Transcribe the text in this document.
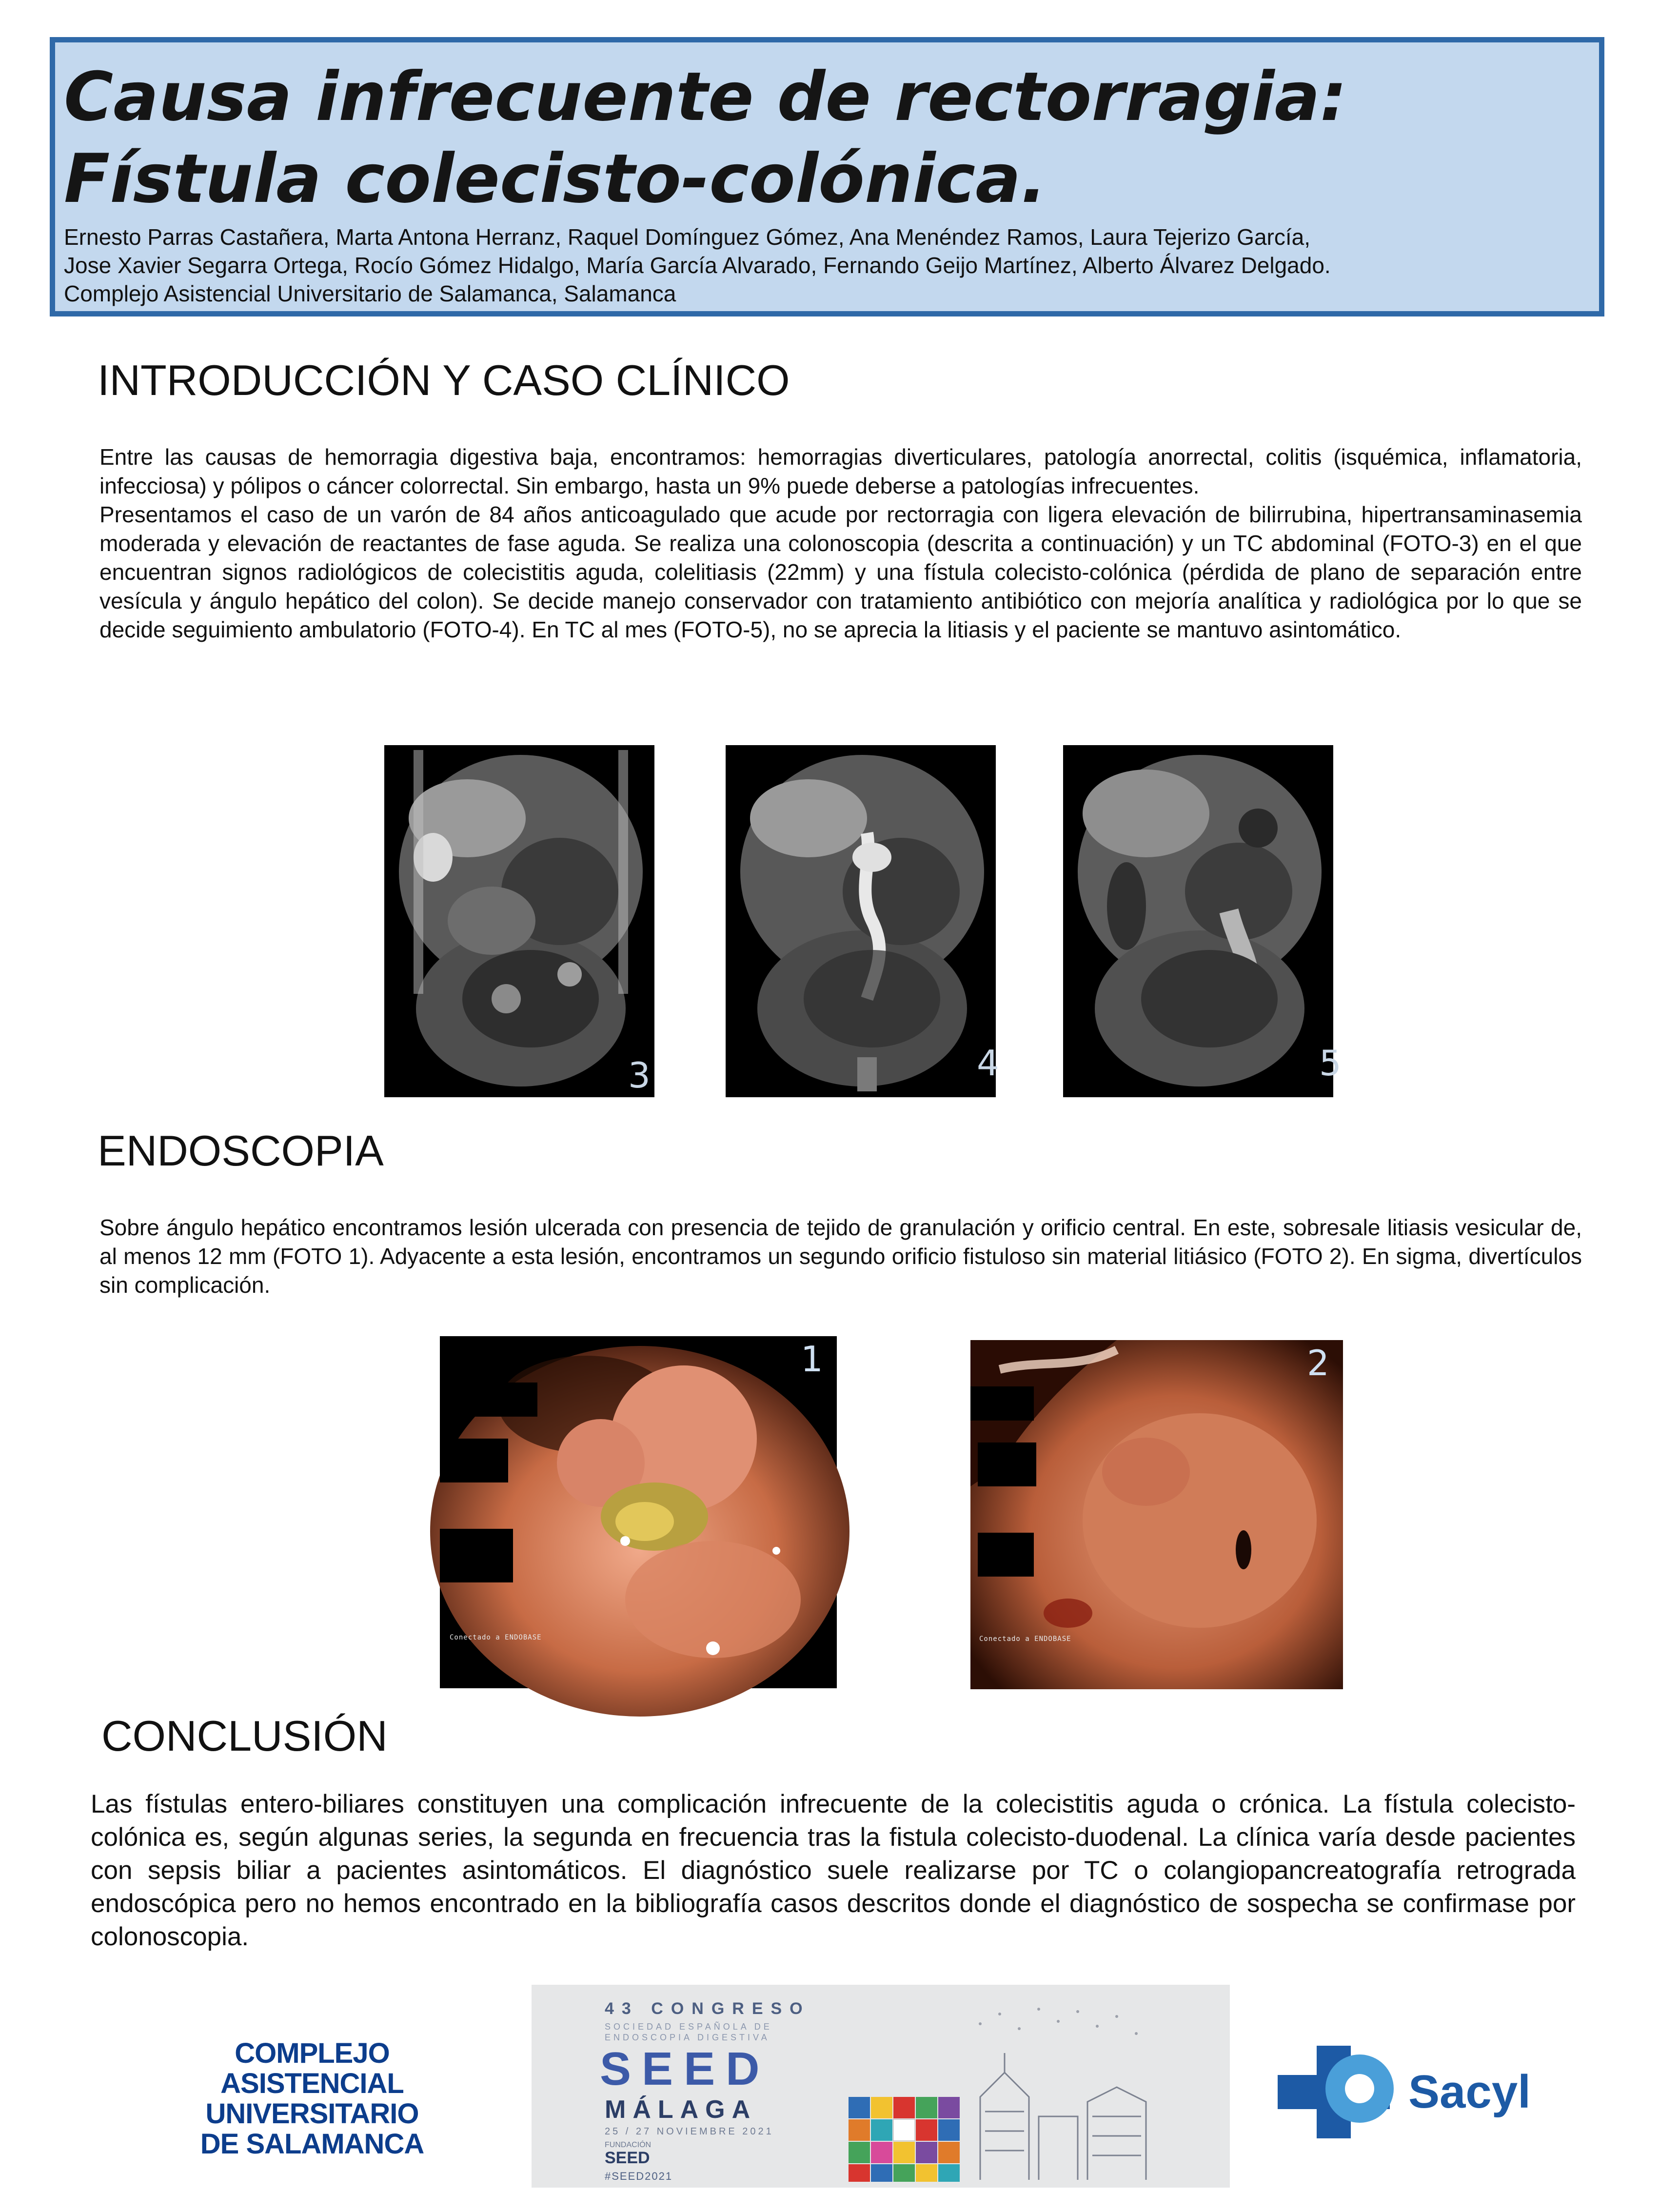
Causa infrecuente de rectorragia:
Fístula colecisto-colónica.
Ernesto Parras Castañera, Marta Antona Herranz, Raquel Domínguez Gómez, Ana Menéndez Ramos, Laura Tejerizo García,
Jose Xavier Segarra Ortega, Rocío Gómez Hidalgo, María García Alvarado, Fernando Geijo Martínez, Alberto Álvarez Delgado.
Complejo Asistencial Universitario de Salamanca, Salamanca
INTRODUCCIÓN Y CASO CLÍNICO

Entre las causas de hemorragia digestiva baja, encontramos: hemorragias diverticulares, patología anorrectal, colitis (isquémica, inflamatoria, infecciosa) y pólipos o cáncer colorrectal. Sin embargo, hasta un 9% puede deberse a patologías infrecuentes.

Presentamos el caso de un varón de 84 años anticoagulado que acude por rectorragia con ligera elevación de bilirrubina, hipertransaminasemia moderada y elevación de reactantes de fase aguda. Se realiza una colonoscopia (descrita a continuación) y un TC abdominal (FOTO-3) en el que encuentran signos radiológicos de colecistitis aguda, colelitiasis (22mm) y una fístula colecisto-colónica (pérdida de plano de separación entre vesícula y ángulo hepático del colon). Se decide manejo conservador con tratamiento antibiótico con mejoría analítica y radiológica por lo que se decide seguimiento ambulatorio (FOTO-4). En TC al mes (FOTO-5), no se aprecia la litiasis y el paciente se mantuvo asintomático.

3	4	5
ENDOSCOPIA

Sobre ángulo hepático encontramos lesión ulcerada con presencia de tejido de granulación y orificio central. En este, sobresale litiasis vesicular de, al menos 12 mm (FOTO 1). Adyacente a esta lesión, encontramos un segundo orificio fistuloso sin material litiásico (FOTO 2). En sigma, divertículos sin complicación.

Conectado a ENDOBASE
1
Conectado a ENDOBASE
2
CONCLUSIÓN

Las fístulas entero-biliares constituyen una complicación infrecuente de la colecistitis aguda o crónica. La fístula colecisto-colónica es, según algunas series, la segunda en frecuencia tras la fistula colecisto-duodenal. La clínica varía desde pacientes con sepsis biliar a pacientes asintomáticos. El diagnóstico suele realizarse por TC o colangiopancreatografía retrograda endoscópica pero no hemos encontrado en la bibliografía casos descritos donde el diagnóstico de sospecha se confirmase por colonoscopia.

COMPLEJO
ASISTENCIAL
UNIVERSITARIO
DE SALAMANCA
43 CONGRESO
SOCIEDAD ESPAÑOLA DE
ENDOSCOPIA DIGESTIVA
SEED
MÁLAGA
25 / 27 NOVIEMBRE 2021
FUNDACIÓN
SEED
#SEED2021
Sacyl
